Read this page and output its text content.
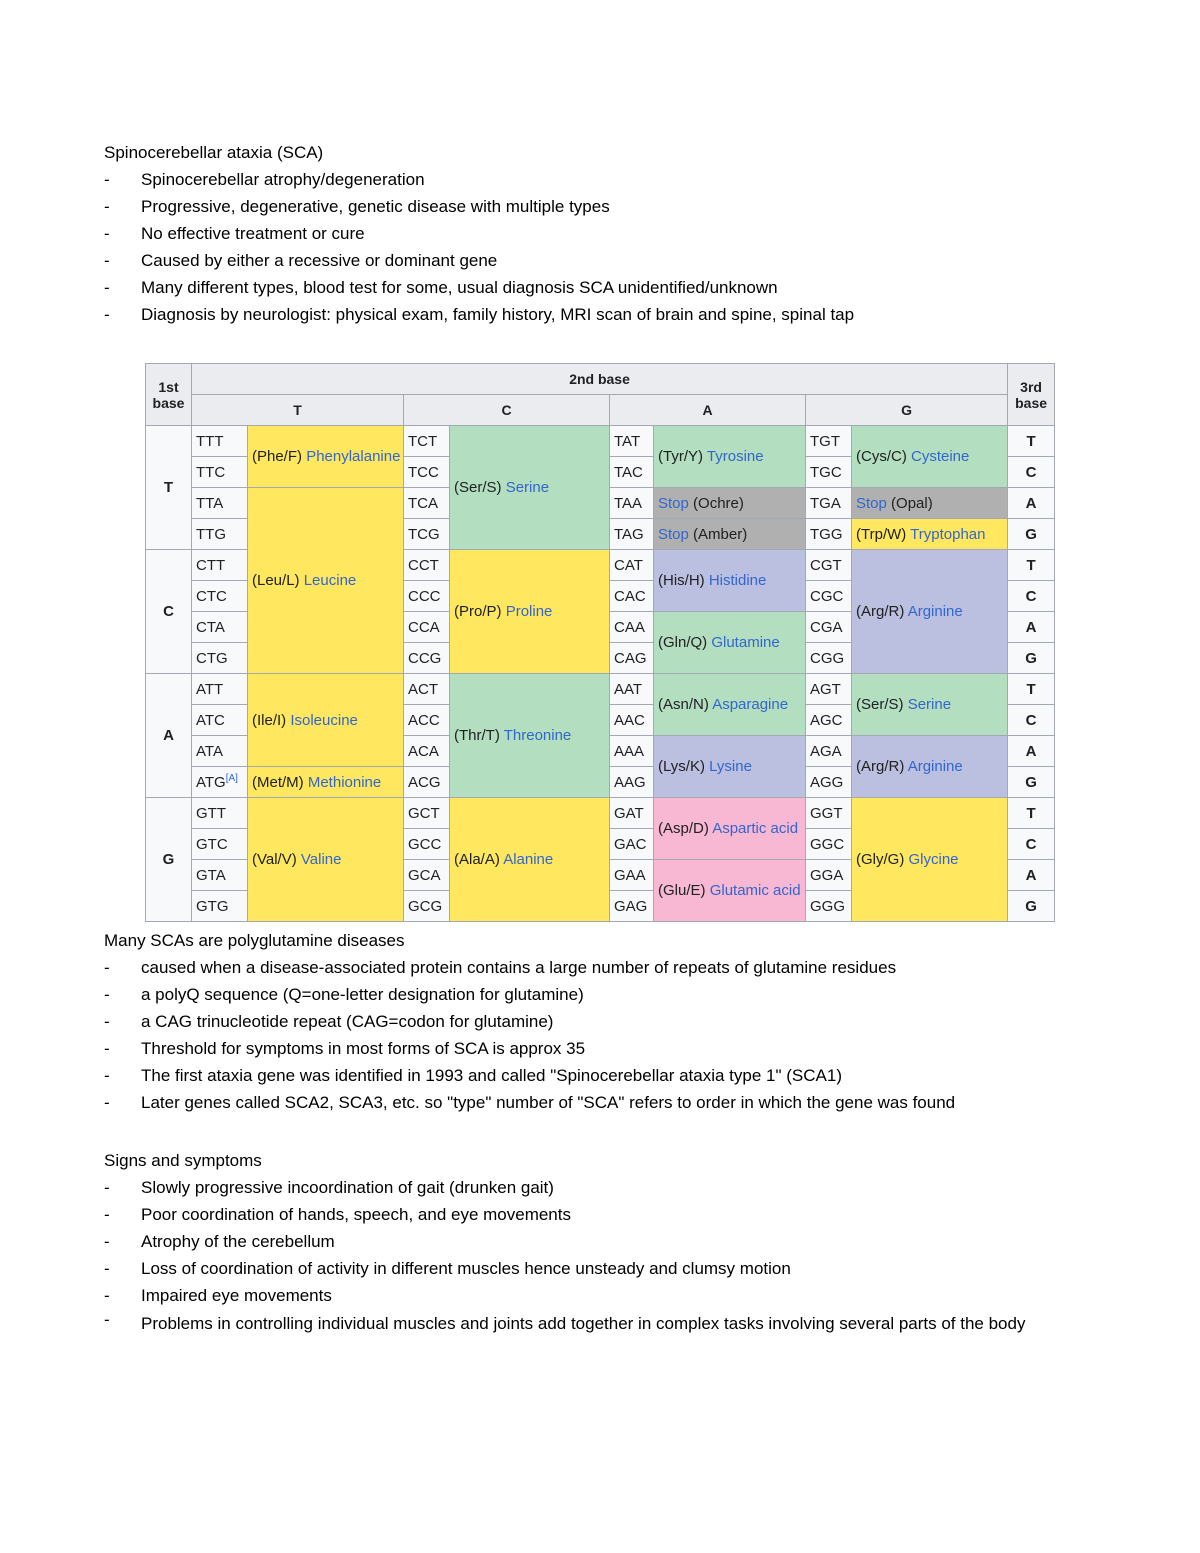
Spinocerebellar ataxia (SCA)
- Spinocerebellar atrophy/degeneration
- Progressive, degenerative, genetic disease with multiple types
- No effective treatment or cure
- Caused by either a recessive or dominant gene
- Many different types, blood test for some, usual diagnosis SCA unidentified/unknown
- Diagnosis by neurologist: physical exam, family history, MRI scan of brain and spine, spinal tap
1st
base	2nd base								3rd
base
	T		C		A		G		
T	TTT	(Phe/F) Phenylalanine	TCT	(Ser/S) Serine	TAT	(Tyr/Y) Tyrosine	TGT	(Cys/C) Cysteine	T
	TTC		TCC		TAC		TGC		C
	TTA	(Leu/L) Leucine	TCA		TAA	Stop (Ochre)	TGA	Stop (Opal)	A
	TTG		TCG		TAG	Stop (Amber)	TGG	(Trp/W) Tryptophan	G
C	CTT		CCT	(Pro/P) Proline	CAT	(His/H) Histidine	CGT	(Arg/R) Arginine	T
	CTC		CCC		CAC		CGC		C
	CTA		CCA		CAA	(Gln/Q) Glutamine	CGA		A
	CTG		CCG		CAG		CGG		G
A	ATT	(Ile/I) Isoleucine	ACT	(Thr/T) Threonine	AAT	(Asn/N) Asparagine	AGT	(Ser/S) Serine	T
	ATC		ACC		AAC		AGC		C
	ATA		ACA		AAA	(Lys/K) Lysine	AGA	(Arg/R) Arginine	A
	ATG[A]	(Met/M) Methionine	ACG		AAG		AGG		G
G	GTT	(Val/V) Valine	GCT	(Ala/A) Alanine	GAT	(Asp/D) Aspartic acid	GGT	(Gly/G) Glycine	T
	GTC		GCC		GAC		GGC		C
	GTA		GCA		GAA	(Glu/E) Glutamic acid	GGA		A
	GTG		GCG		GAG		GGG		G
Many SCAs are polyglutamine diseases
- caused when a disease-associated protein contains a large number of repeats of glutamine residues
- a polyQ sequence (Q=one-letter designation for glutamine)
- a CAG trinucleotide repeat (CAG=codon for glutamine)
- Threshold for symptoms in most forms of SCA is approx 35
- The first ataxia gene was identified in 1993 and called "Spinocerebellar ataxia type 1" (SCA1)
- Later genes called SCA2, SCA3, etc. so "type" number of "SCA" refers to order in which the gene was found
Signs and symptoms
- Slowly progressive incoordination of gait (drunken gait)
- Poor coordination of hands, speech, and eye movements
- Atrophy of the cerebellum
- Loss of coordination of activity in different muscles hence unsteady and clumsy motion
- Impaired eye movements
- Problems in controlling individual muscles and joints add together in complex tasks involving several parts of the body
